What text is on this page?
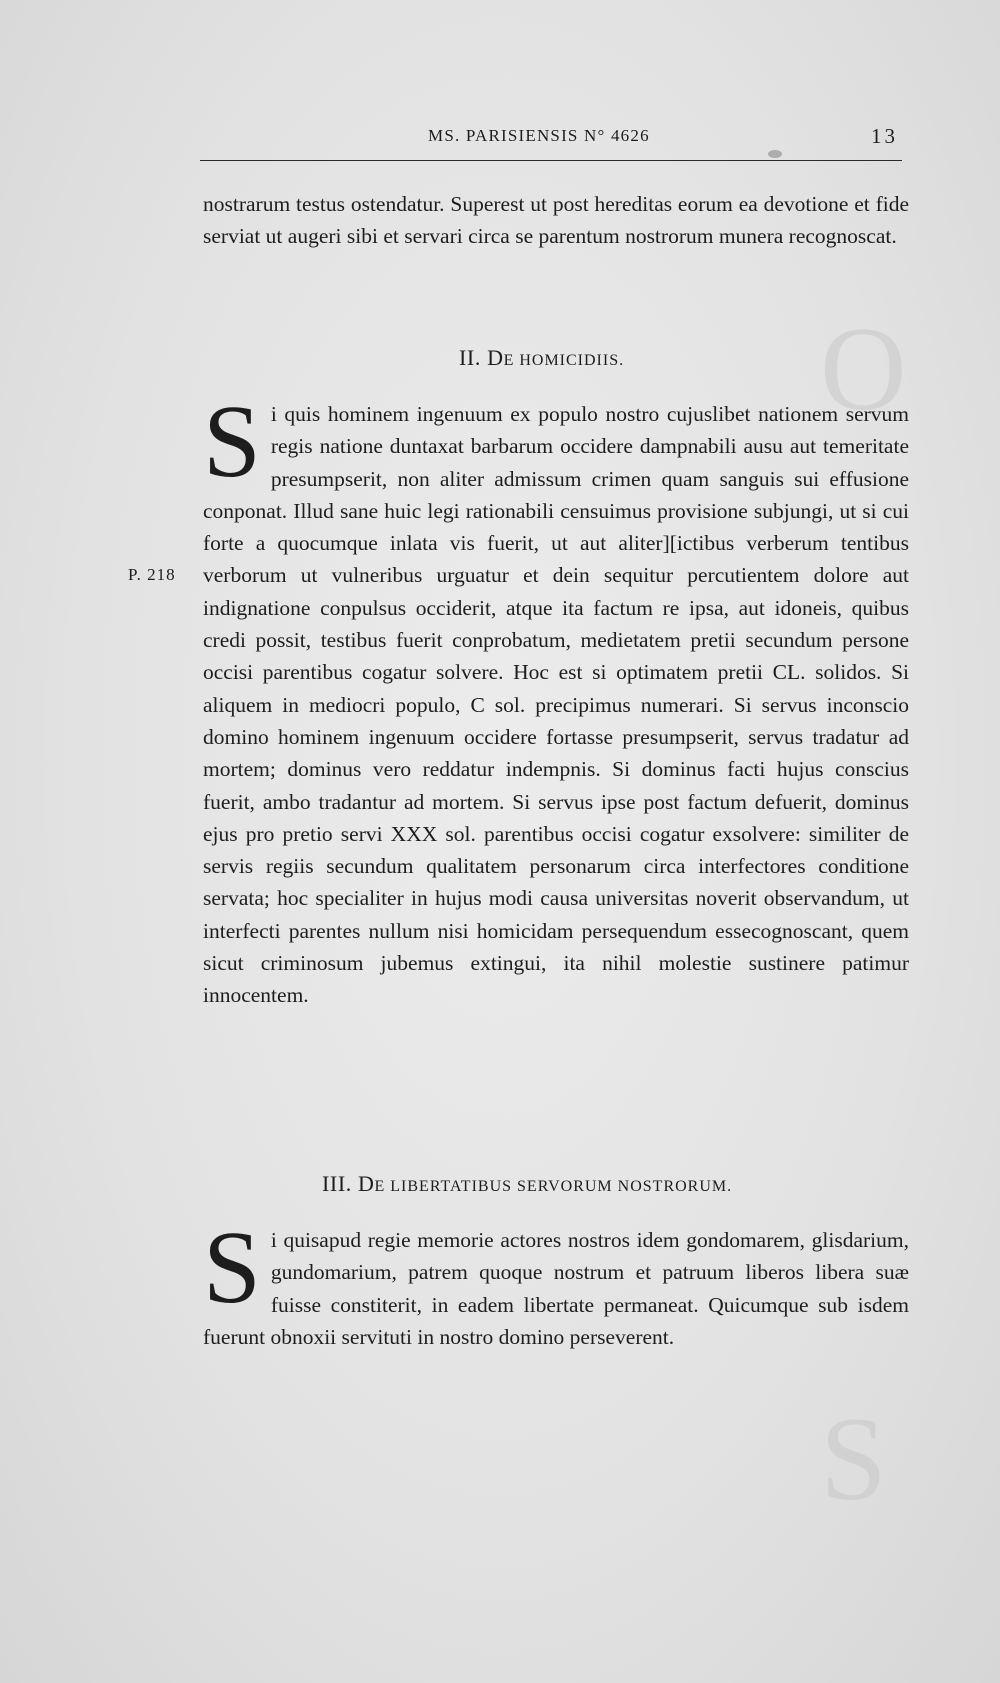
O
S
MS. PARISIENSIS N° 4626	13

nostrarum testus ostendatur. Superest ut post hereditas eorum ea devotione et fide serviat ut augeri sibi et servari circa se parentum nostrorum munera recognoscat.

II. DE HOMICIDIIS.
S i quis hominem ingenuum ex populo nostro cujuslibet nationem servum regis natione duntaxat barbarum occidere dampnabili ausu aut temeritate presumpserit, non aliter admissum crimen quam sanguis sui effusione conponat. Illud sane huic legi rationabili censuimus provisione subjungi, ut si cui forte a quocumque inlata vis fuerit, ut aut aliter][ictibus verberum tentibus verborum ut vulneribus urguatur et dein sequitur percutientem dolore aut indignatione conpulsus occiderit, atque ita factum re ipsa, aut idoneis, quibus credi possit, testibus fuerit conprobatum, medietatem pretii secundum persone occisi parentibus cogatur solvere. Hoc est si optimatem pretii CL. solidos. Si aliquem in mediocri populo, C sol. precipimus numerari. Si servus inconscio domino hominem ingenuum occidere fortasse presumpserit, servus tradatur ad mortem; dominus vero reddatur indempnis. Si dominus facti hujus conscius fuerit, ambo tradantur ad mortem. Si servus ipse post factum defuerit, dominus ejus pro pretio servi XXX sol. parentibus occisi cogatur exsolvere: similiter de servis regiis secundum qualitatem personarum circa interfectores conditione servata; hoc specialiter in hujus modi causa universitas noverit observandum, ut interfecti parentes nullum nisi homicidam persequendum essecognoscant, quem sicut criminosum jubemus extingui, ita nihil molestie sustinere patimur innocentem.
P. 218
III. DE LIBERTATIBUS SERVORUM NOSTRORUM.
S i quisapud regie memorie actores nostros idem gondomarem, glisdarium, gundomarium, patrem quoque nostrum et patruum liberos libera suæ fuisse constiterit, in eadem libertate permaneat. Quicumque sub isdem fuerunt obnoxii servituti in nostro domino perseverent.
